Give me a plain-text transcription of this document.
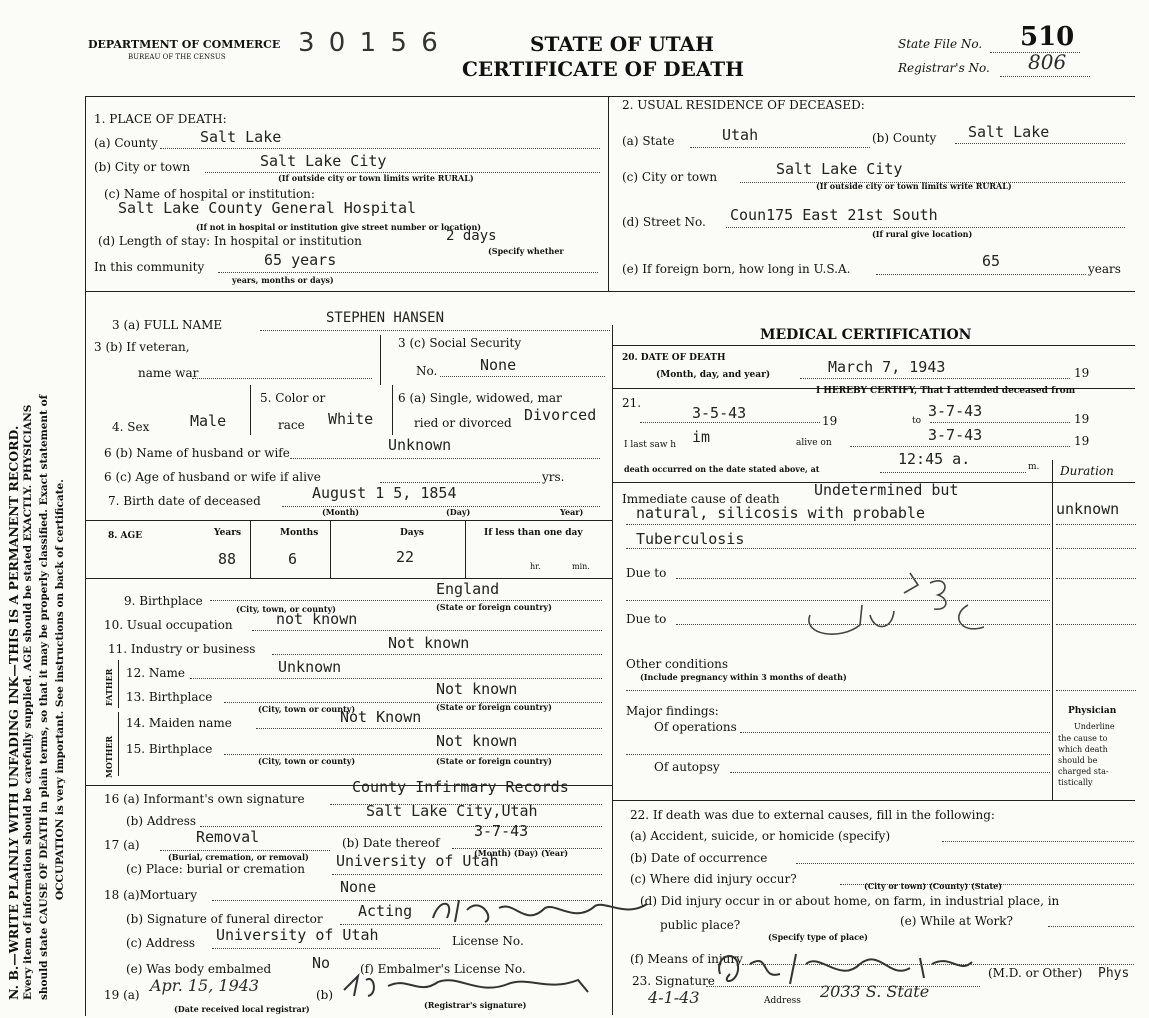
N. B.—WRITE PLAINLY WITH UNFADING INK—THIS IS A PERMANENT RECORD. Every item of information should be carefully supplied. AGE should be stated EXACTLY. PHYSICIANS should state CAUSE OF DEATH in plain terms, so that it may be properly classified. Exact statement of OCCUPATION is very important. See instructions on back of certificate.
DEPARTMENT OF COMMERCE
BUREAU OF THE CENSUS	3 0 1 5 6	STATE OF UTAH
CERTIFICATE OF DEATH
State File No. 510
Registrar's No. 806
1. PLACE OF DEATH:
(a) County	Salt Lake
(b) City or town	Salt Lake City
(If outside city or town limits write RURAL)
(c) Name of hospital or institution:
Salt Lake County General Hospital
(If not in hospital or institution give street number or location)
(d) Length of stay: In hospital or institution	2 days
(Specify whether
In this community	65 years
years, months or days)
2. USUAL RESIDENCE OF DECEASED:
(a) State	Utah	(b) County Salt Lake
(c) City or town	Salt Lake City
(If outside city or town limits write RURAL)
(d) Street No. Coun175 East 21st South
(If rural give location)
(e) If foreign born, how long in U.S.A.	65	years
3 (a) FULL NAME	STEPHEN HANSEN
3 (b) If veteran,
name war
3 (c) Social Security
No.	None
4. Sex	Male
5. Color or
race White
6 (a) Single, widowed, mar
ried or divorced Divorced
6 (b) Name of husband or wife	Unknown
6 (c) Age of husband or wife if alive	yrs.
7. Birth date of deceased	August 1 5, 1854
(Month)	(Day)	Year)
8. AGE	Years	Months	Days	If less than one day
88	6	22
hr.	min.
9. Birthplace
England
(City, town, or county)	(State or foreign country)
10. Usual occupation	not known
11. Industry or business	Not known
FATHER
MOTHER
12. Name	Unknown
13. Birthplace	Not known
(City, town or county)	(State or foreign country)
14. Maiden name	Not Known
15. Birthplace	Not known
(City, town or county)	(State or foreign country)
16 (a) Informant's own signature
County Infirmary Records
(b) Address
Salt Lake City,Utah
17 (a)	Removal	(b) Date thereof
3-7-43
(Burial, cremation, or removal)	(Month) (Day) (Year)
(c) Place: burial or cremation University of Utah
18 (a)Mortuary	None
(b) Signature of funeral director Acting
(c) Address University of Utah	License No.
(e) Was body embalmed	No (f) Embalmer's License No.
19 (a) Apr. 15, 1943	(b)
(Date received local registrar)	(Registrar's signature)
MEDICAL CERTIFICATION
20. DATE OF DEATH
(Month, day, and year)	March 7, 1943	19
21.
I HEREBY CERTIFY, That I attended deceased from
3-5-43	19	to
3-7-43	19
I last saw h im	alive on	3-7-43	19
death occurred on the date stated above, at
12:45 a.	m. Duration
Immediate cause of death Undetermined but
natural, silicosis with probable	unknown
Tuberculosis
Due to
Due to
Other conditions
(Include pregnancy within 3 months of death)
Major findings:
Of operations
Of autopsy
Physician
Underline
the cause to
which death
should be
charged sta-
tistically
22. If death was due to external causes, fill in the following:
(a) Accident, suicide, or homicide (specify)
(b) Date of occurrence
(c) Where did injury occur?	(City or town) (County) (State)
(d) Did injury occur in or about home, on farm, in industrial place, in
public place?
(Specify type of place)
(e) While at Work?
(f) Means of injury
23. Signature
(M.D. or Other) Phys
4-1-43	Address 2033 S. State
